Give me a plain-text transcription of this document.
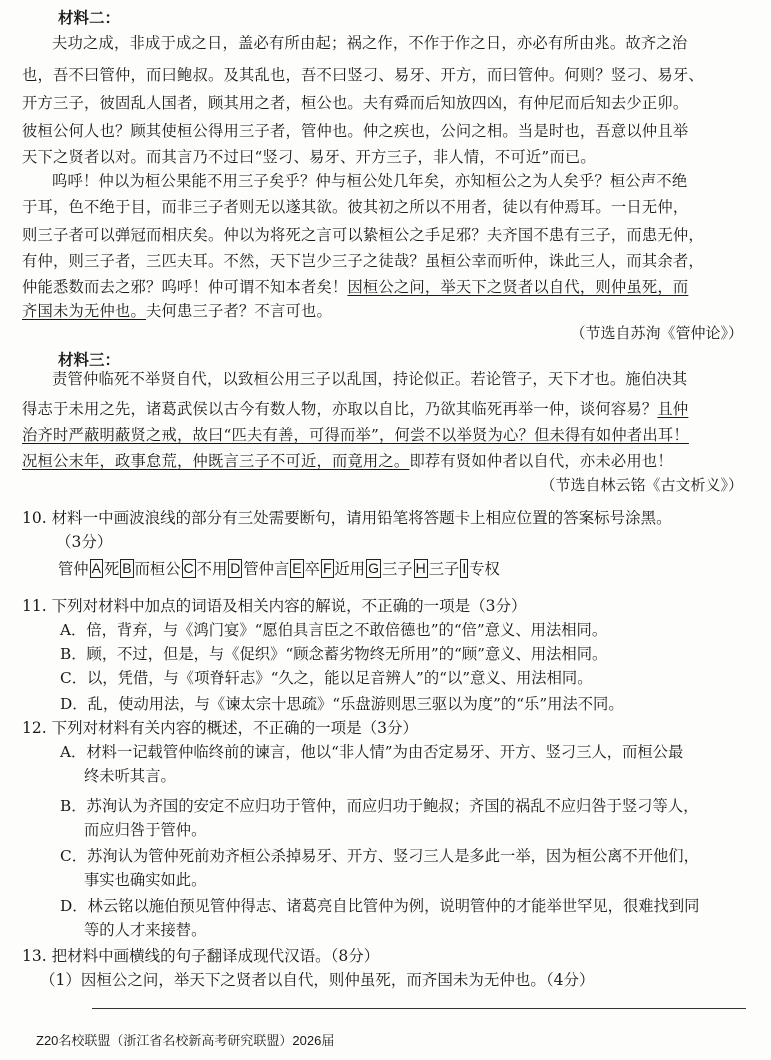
材料二：
夫功之成，非成于成之日，盖必有所由起；祸之作，不作于作之日，亦必有所由兆。故齐之治
也，吾不曰管仲，而曰鲍叔。及其乱也，吾不曰竖刁、易牙、开方，而曰管仲。何则？竖刁、易牙、
开方三子，彼固乱人国者，顾其用之者，桓公也。夫有舜而后知放四凶，有仲尼而后知去少正卯。
彼桓公何人也？顾其使桓公得用三子者，管仲也。仲之疾也，公问之相。当是时也，吾意以仲且举
天下之贤者以对。而其言乃不过曰“竖刁、易牙、开方三子，非人情，不可近”而已。
呜呼！仲以为桓公果能不用三子矣乎？仲与桓公处几年矣，亦知桓公之为人矣乎？桓公声不绝
于耳，色不绝于目，而非三子者则无以遂其欲。彼其初之所以不用者，徒以有仲焉耳。一日无仲，
则三子者可以弹冠而相庆矣。仲以为将死之言可以絷桓公之手足邪？夫齐国不患有三子，而患无仲，
有仲，则三子者，三匹夫耳。不然，天下岂少三子之徒哉？虽桓公幸而听仲，诛此三人，而其余者，
仲能悉数而去之邪？呜呼！仲可谓不知本者矣！因桓公之问，举天下之贤者以自代，则仲虽死，而
齐国未为无仲也。夫何患三子者？不言可也。
（节选自苏洵《管仲论》）
材料三：
责管仲临死不举贤自代，以致桓公用三子以乱国，持论似正。若论管子，天下才也。施伯决其
得志于未用之先，诸葛武侯以古今有数人物，亦取以自比，乃欲其临死再举一仲，谈何容易？且仲
治齐时严蔽明蔽贤之戒，故曰“匹夫有善，可得而举”，何尝不以举贤为心？但未得有如仲者出耳！
况桓公末年，政事怠荒，仲既言三子不可近，而竟用之。即荐有贤如仲者以自代，亦未必用也！
（节选自林云铭《古文析义》）
10. 材料一中画波浪线的部分有三处需要断句，请用铅笔将答题卡上相应位置的答案标号涂黑。
（3分）
管仲 A 死 B 而桓公 C 不用 D 管仲言 E 卒 F 近用 G 三子 H 三子 I 专权
11. 下列对材料中加点的词语及相关内容的解说，不正确的一项是（3分）
A．倍，背弃，与《鸿门宴》“愿伯具言臣之不敢倍德也”的“倍”意义、用法相同。
B．顾，不过，但是，与《促织》“顾念蓄劣物终无所用”的“顾”意义、用法相同。
C．以，凭借，与《项脊轩志》“久之，能以足音辨人”的“以”意义、用法相同。
D．乱，使动用法，与《谏太宗十思疏》“乐盘游则思三驱以为度”的“乐”用法不同。
12. 下列对材料有关内容的概述，不正确的一项是（3分）
A．材料一记载管仲临终前的谏言，他以“非人情”为由否定易牙、开方、竖刁三人，而桓公最
终未听其言。
B．苏洵认为齐国的安定不应归功于管仲，而应归功于鲍叔；齐国的祸乱不应归咎于竖刁等人，
而应归咎于管仲。
C．苏洵认为管仲死前劝齐桓公杀掉易牙、开方、竖刁三人是多此一举，因为桓公离不开他们，
事实也确实如此。
D．林云铭以施伯预见管仲得志、诸葛亮自比管仲为例，说明管仲的才能举世罕见，很难找到同
等的人才来接替。
13. 把材料中画横线的句子翻译成现代汉语。（8分）
（1）因桓公之问，举天下之贤者以自代，则仲虽死，而齐国未为无仲也。（4分）
Z20名校联盟（浙江省名校新高考研究联盟）2026届
